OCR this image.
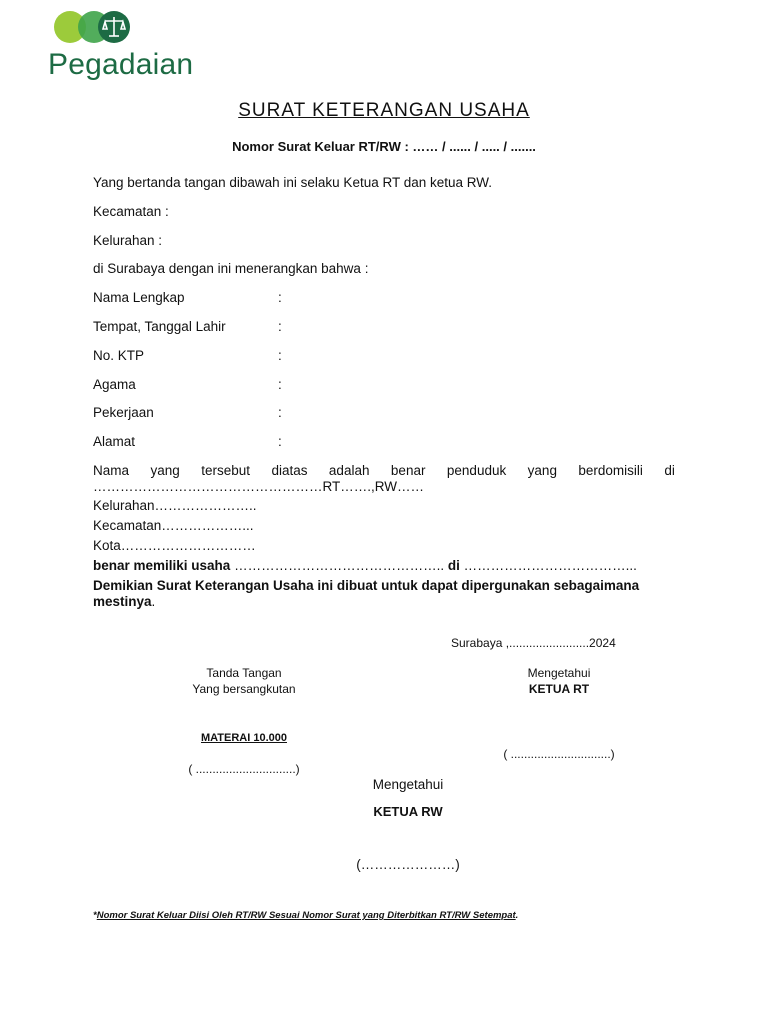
Pegadaian
SURAT KETERANGAN USAHA
Nomor Surat Keluar RT/RW : …… / ...... / ..... / .......
Yang bertanda tangan dibawah ini selaku Ketua RT dan ketua RW.
Kecamatan :
Kelurahan :
di Surabaya dengan ini menerangkan bahwa :
Nama Lengkap	:
Tempat, Tanggal Lahir	:
No. KTP	:
Agama	:
Pekerjaan	:
Alamat	:
Nama yang tersebut diatas adalah benar penduduk yang berdomisili di
……………………………………………RT…….,RW……
Kelurahan…………………..
Kecamatan………………...
Kota…………………………
benar memiliki usaha ……………………………………….. di ………………………………...
Demikian Surat Keterangan Usaha ini dibuat untuk dapat dipergunakan sebagaimana
mestinya.
Surabaya ,........................2024
Tanda Tangan
Yang bersangkutan
MATERAI 10.000
( ..............................)
Mengetahui
KETUA RT
( ..............................)
Mengetahui
KETUA RW
(…………………)
*Nomor Surat Keluar Diisi Oleh RT/RW Sesuai Nomor Surat yang Diterbitkan RT/RW Setempat.
